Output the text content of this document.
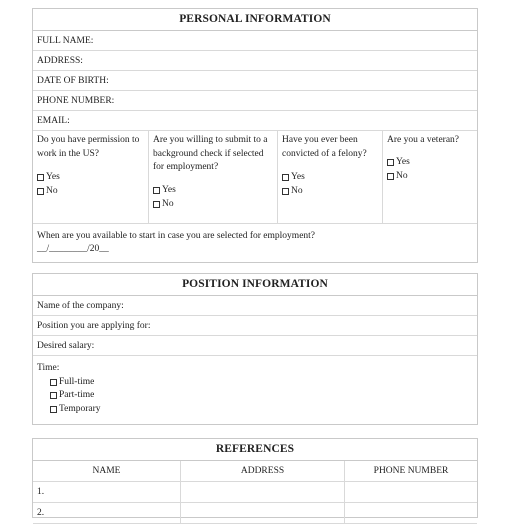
PERSONAL INFORMATION
FULL NAME:
ADDRESS:
DATE OF BIRTH:
PHONE NUMBER:
EMAIL:
Do you have permission to work in the US?
Yes
No
Are you willing to submit to a background check if selected for employment?
Yes
No
Have you ever been convicted of a felony?
Yes
No
Are you a veteran?
Yes
No
When are you available to start in case you are selected for employment?
__/________/20__
POSITION INFORMATION
Name of the company:
Position you are applying for:
Desired salary:
Time:
Full-time
Part-time
Temporary
REFERENCES
NAME	ADDRESS	PHONE NUMBER
1.
2.
